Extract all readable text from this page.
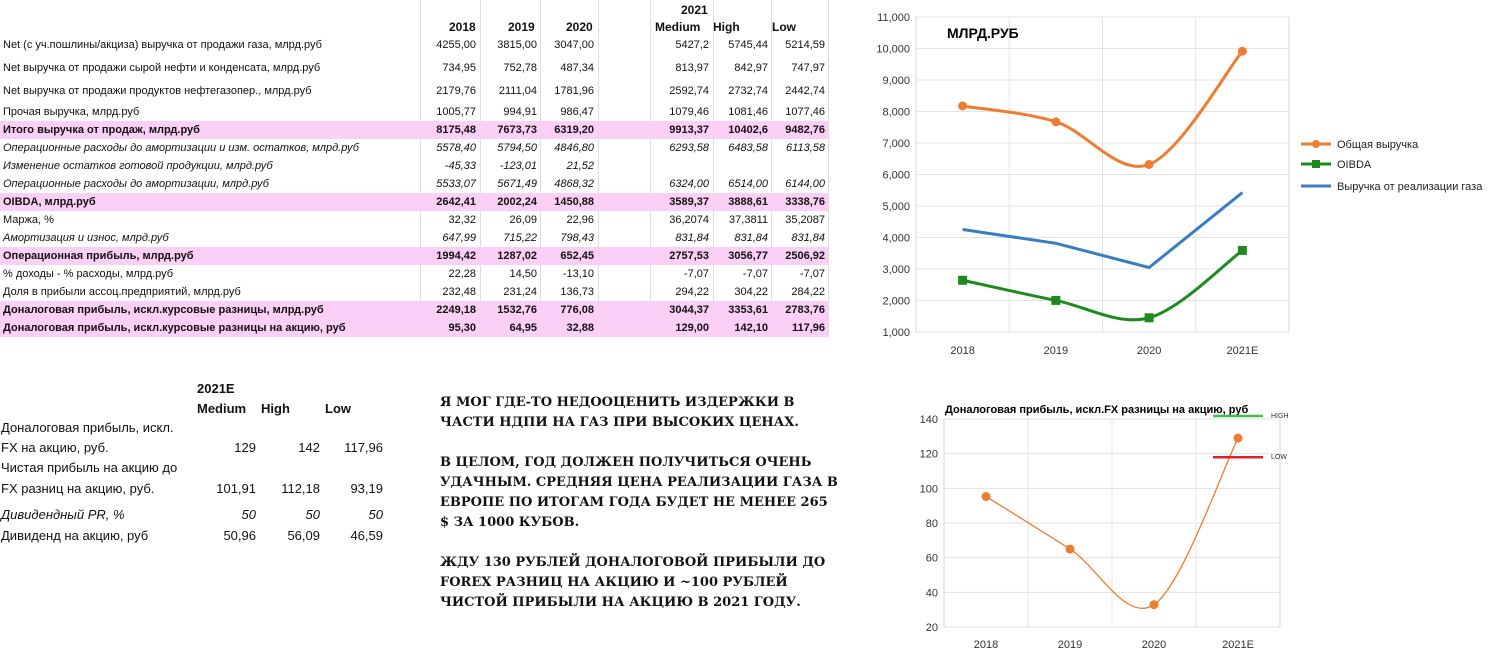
2021
2018	2019	2020	Medium High	Low
Net (с уч.пошлины/акциза) выручка от продажи газа, млрд.руб	4255,00	3815,00	3047,00	5427,2	5745,44	5214,59
Net выручка от продажи сырой нефти и конденсата, млрд.руб	734,95	752,78	487,34	813,97	842,97	747,97
Net выручка от продажи продуктов нефтегазопер., млрд.руб	2179,76	2111,04	1781,96	2592,74	2732,74	2442,74
Прочая выручка, млрд.руб	1005,77	994,91	986,47	1079,46	1081,46	1077,46
Итого выручка от продаж, млрд.руб	8175,48	7673,73	6319,20	9913,37	10402,6	9482,76
Операционные расходы до амортизации и изм. остатков, млрд.руб	5578,40	5794,50	4846,80	6293,58	6483,58	6113,58
Изменение остатков готовой продукции, млрд.руб	-45,33	-123,01	21,52
Операционные расходы до амортизации, млрд.руб	5533,07	5671,49	4868,32	6324,00	6514,00	6144,00
OIBDA, млрд.руб	2642,41	2002,24	1450,88	3589,37	3888,61	3338,76
Маржа, %	32,32	26,09	22,96	36,2074	37,3811	35,2087
Амортизация и износ, млрд.руб	647,99	715,22	798,43	831,84	831,84	831,84
Операционная прибыль, млрд.руб	1994,42	1287,02	652,45	2757,53	3056,77	2506,92
% доходы - % расходы, млрд.руб	22,28	14,50	-13,10	-7,07	-7,07	-7,07
Доля в прибыли ассоц.предприятий, млрд.руб	232,48	231,24	136,73	294,22	304,22	284,22
Доналоговая прибыль, искл.курсовые разницы, млрд.руб	2249,18	1532,76	776,08	3044,37	3353,61	2783,76
Доналоговая прибыль, искл.курсовые разницы на акцию, руб	95,30	64,95	32,88	129,00	142,10	117,96
2021E
Medium High	Low
Доналоговая прибыль, искл.
FX на акцию, руб.	129	142	117,96
Чистая прибыль на акцию до
FX разниц на акцию, руб.	101,91	112,18	93,19
Дивидендный PR, %	50	50	50
Дивиденд на акцию, руб	50,96	56,09	46,59

Я МОГ ГДЕ-ТО НЕДООЦЕНИТЬ ИЗДЕРЖКИ В ЧАСТИ НДПИ НА ГАЗ ПРИ ВЫСОКИХ ЦЕНАХ.

В ЦЕЛОМ, ГОД ДОЛЖЕН ПОЛУЧИТЬСЯ ОЧЕНЬ УДАЧНЫМ. СРЕДНЯЯ ЦЕНА РЕАЛИЗАЦИИ ГАЗА В ЕВРОПЕ ПО ИТОГАМ ГОДА БУДЕТ НЕ МЕНЕЕ 265 $ ЗА 1000 КУБОВ.

ЖДУ 130 РУБЛЕЙ ДОНАЛОГОВОЙ ПРИБЫЛИ ДО FOREX РАЗНИЦ НА АКЦИЮ И ~100 РУБЛЕЙ ЧИСТОЙ ПРИБЫЛИ НА АКЦИЮ В 2021 ГОДУ.

1,000
2,000
3,000
4,000
5,000
6,000
7,000
8,000
9,000
10,000
11,000
2018	2019	2020	2021E
МЛРД.РУБ
Общая выручка
OIBDA
Выручка от реализации газа
20
40
60
80
100
120
140
2018	2019	2020	2021E
Доналоговая прибыль, искл.FX разницы на акцию, руб
HIGH
LOW
